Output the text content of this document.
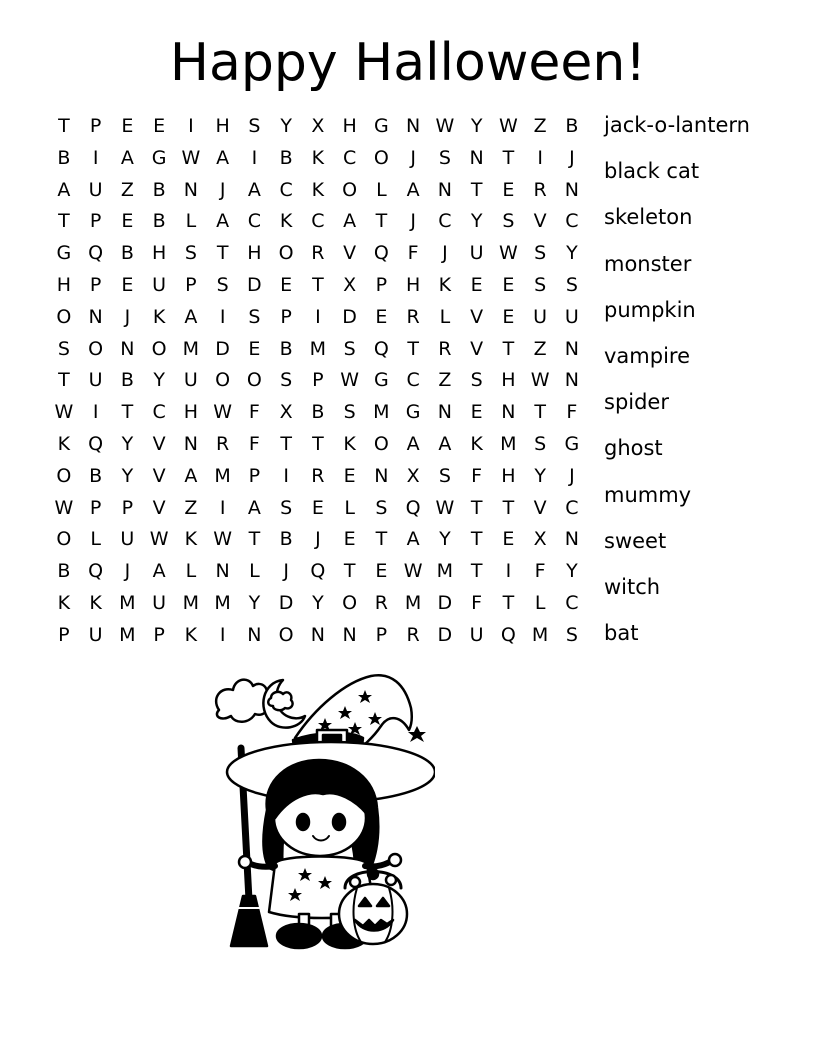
Happy Halloween!
T	P	E	E	I	H S	Y	X H G N W Y W Z B
B	I	A G W A	I	B	K C O	J	S N T	I	J
A U Z B N	J	A C K O L	A N T	E	R N
T	P	E	B	L	A C K C A	T	J	C	Y	S	V C
G Q B H S	T H O R V Q F	J	U W S	Y
H P	E U	P	S D E	T	X	P H K	E	E	S	S
O N	J	K	A	I	S	P	I	D E	R	L	V	E U U
S O N O M D E	B M S Q T	R V	T	Z N
T U B	Y U O O S	P W G C Z	S H W N
W	I	T	C H W F	X B	S M G N E N T	F
K Q Y	V N R	F	T	T	K O A A	K M S G
O B	Y	V A M P	I	R	E N X	S	F	H Y	J
W P	P	V Z	I	A	S	E	L	S Q W T	T	V C
O L	U W K W T	B	J	E	T	A	Y	T	E	X N
B Q	J	A	L	N	L	J	Q T	E W M T	I	F	Y
K	K M U M M Y D Y O R M D F	T	L	C
P	U M P	K	I	N O N N P	R D U Q M S
jack-o-lantern
black cat
skeleton
monster
pumpkin
vampire
spider
ghost
mummy
sweet
witch
bat
